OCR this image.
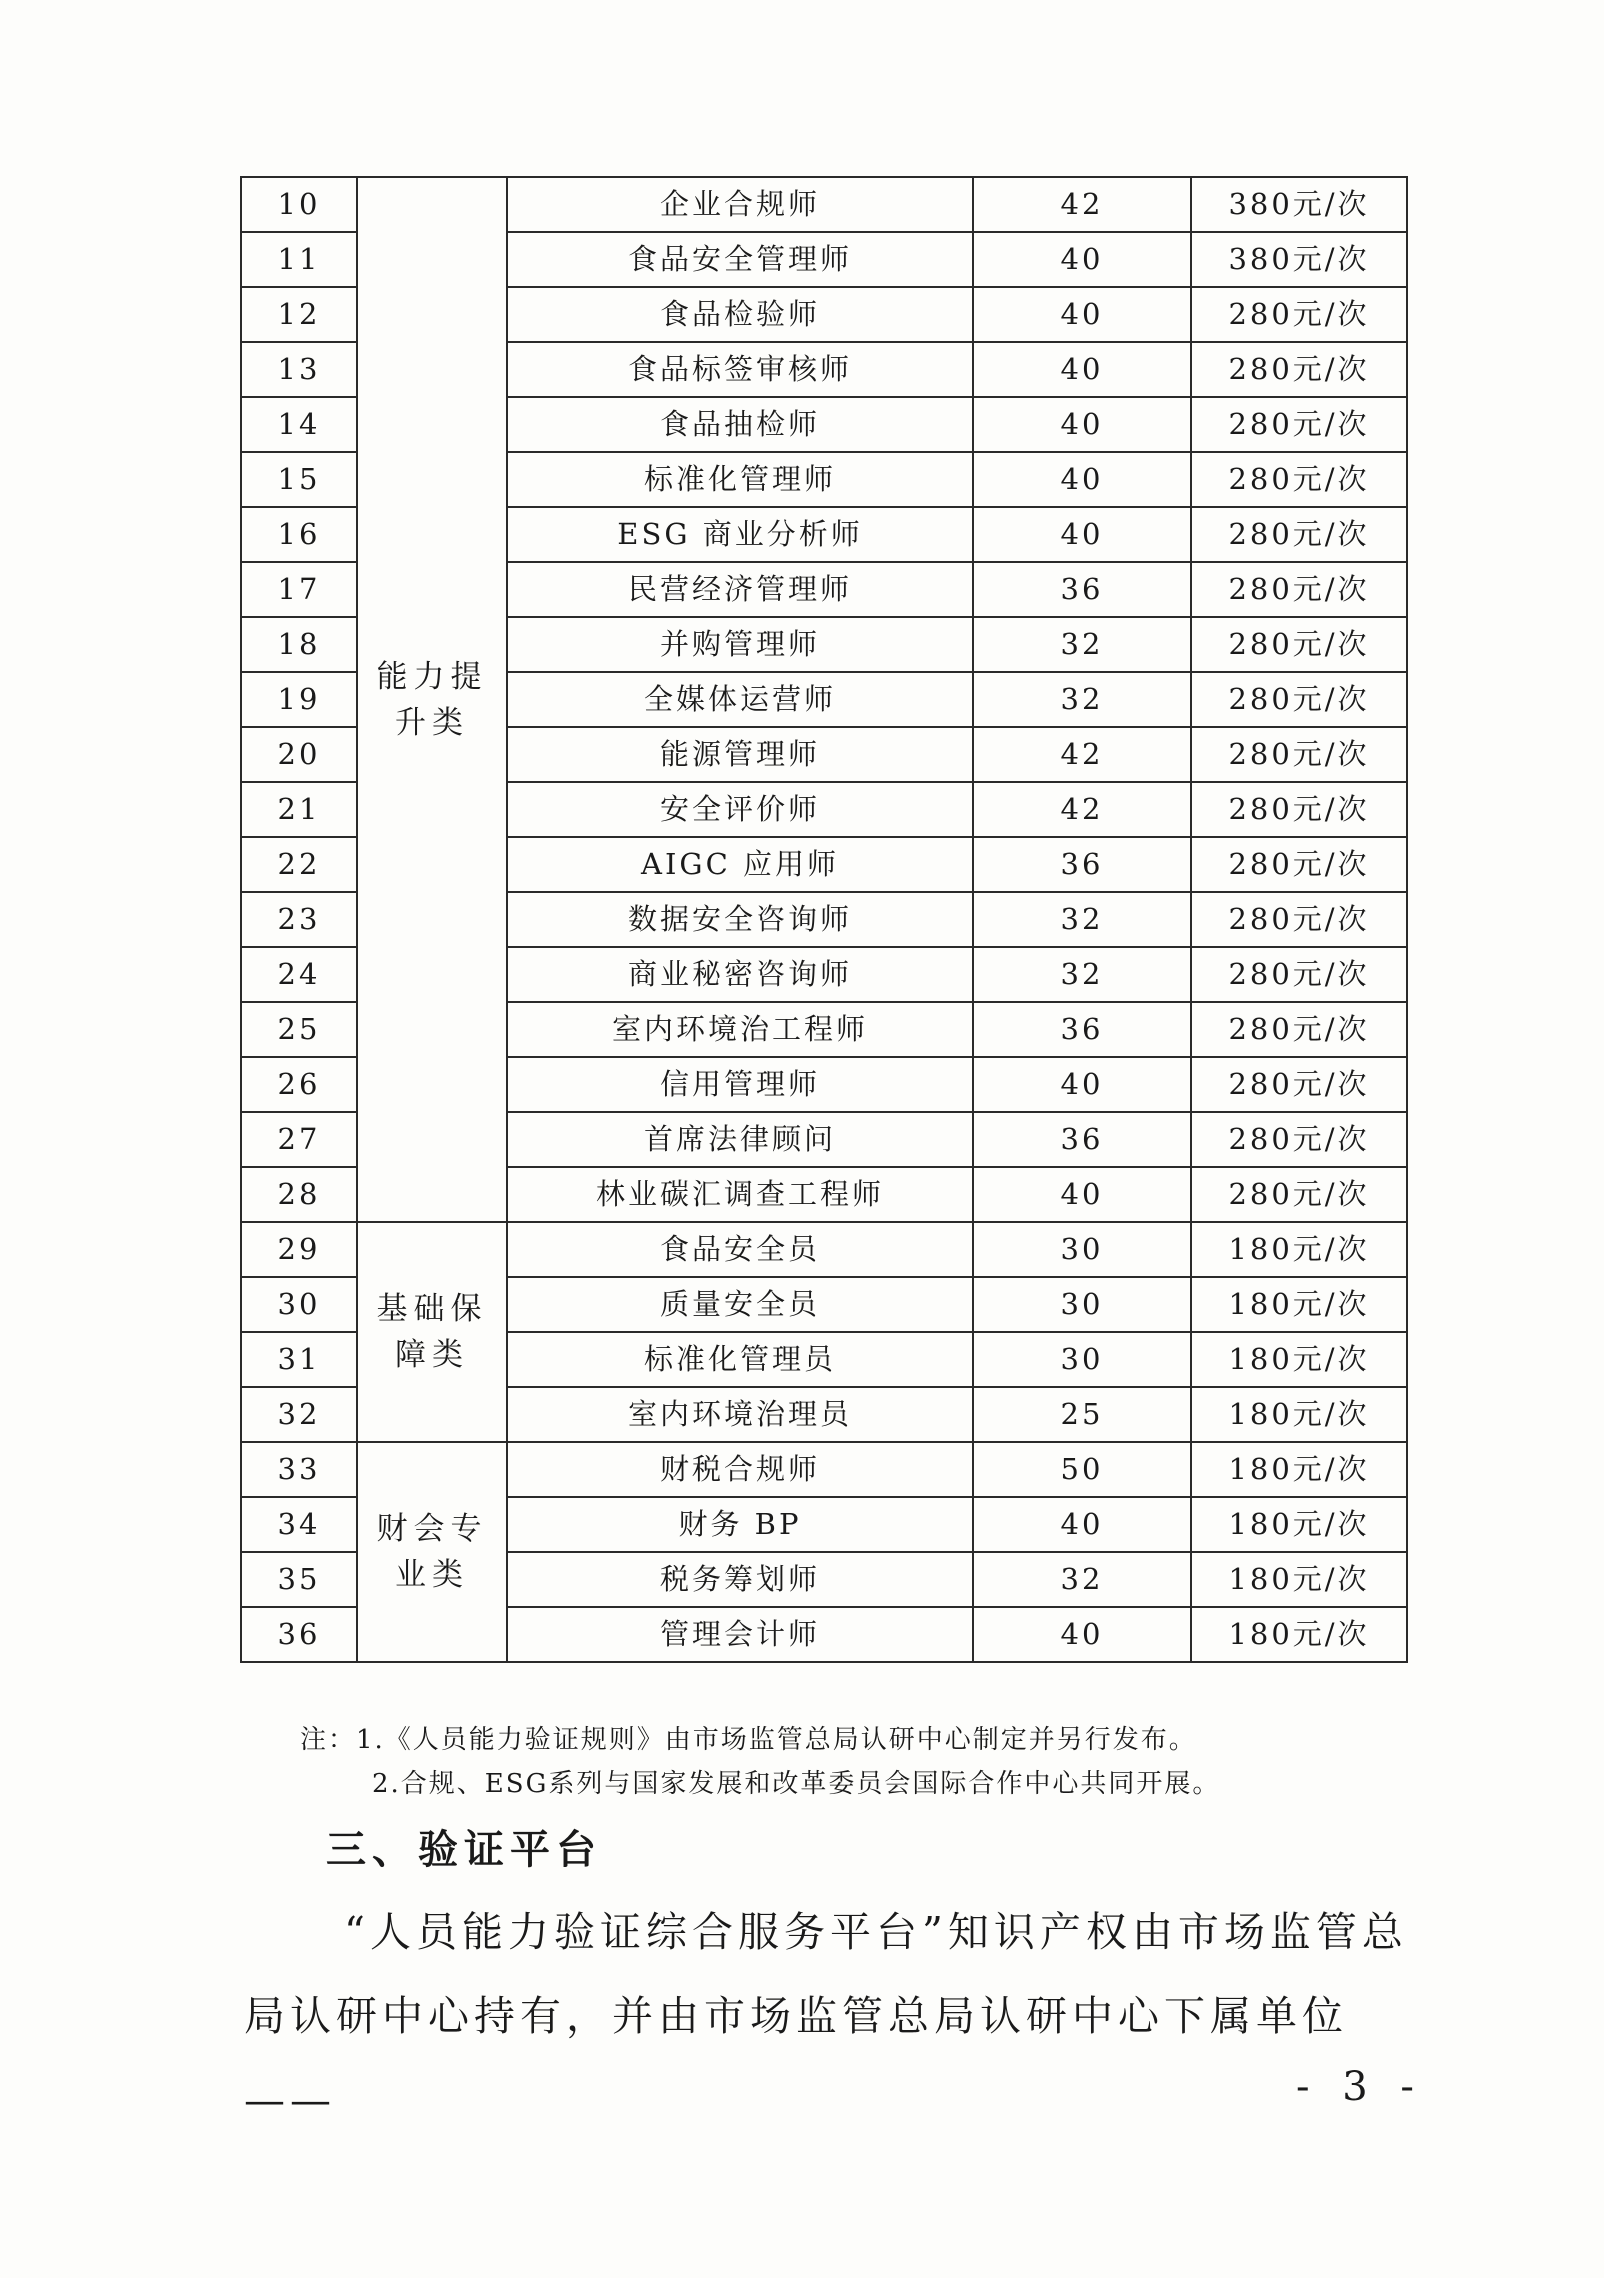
10	能力提升类	企业合规师	42	380元/次
11		食品安全管理师	40	380元/次
12		食品检验师	40	280元/次
13		食品标签审核师	40	280元/次
14		食品抽检师	40	280元/次
15		标准化管理师	40	280元/次
16		ESG 商业分析师	40	280元/次
17		民营经济管理师	36	280元/次
18		并购管理师	32	280元/次
19		全媒体运营师	32	280元/次
20		能源管理师	42	280元/次
21		安全评价师	42	280元/次
22		AIGC 应用师	36	280元/次
23		数据安全咨询师	32	280元/次
24		商业秘密咨询师	32	280元/次
25		室内环境治工程师	36	280元/次
26		信用管理师	40	280元/次
27		首席法律顾问	36	280元/次
28		林业碳汇调查工程师	40	280元/次
29	基础保障类	食品安全员	30	180元/次
30		质量安全员	30	180元/次
31		标准化管理员	30	180元/次
32		室内环境治理员	25	180元/次
33	财会专业类	财税合规师	50	180元/次
34		财务 BP	40	180元/次
35		税务筹划师	32	180元/次
36		管理会计师	40	180元/次
注：1.《人员能力验证规则》由市场监管总局认研中心制定并另行发布。
2.合规、ESG系列与国家发展和改革委员会国际合作中心共同开展。
三、验证平台
“人员能力验证综合服务平台”知识产权由市场监管总局认研中心持有，并由市场监管总局认研中心下属单位——	- 3 -
